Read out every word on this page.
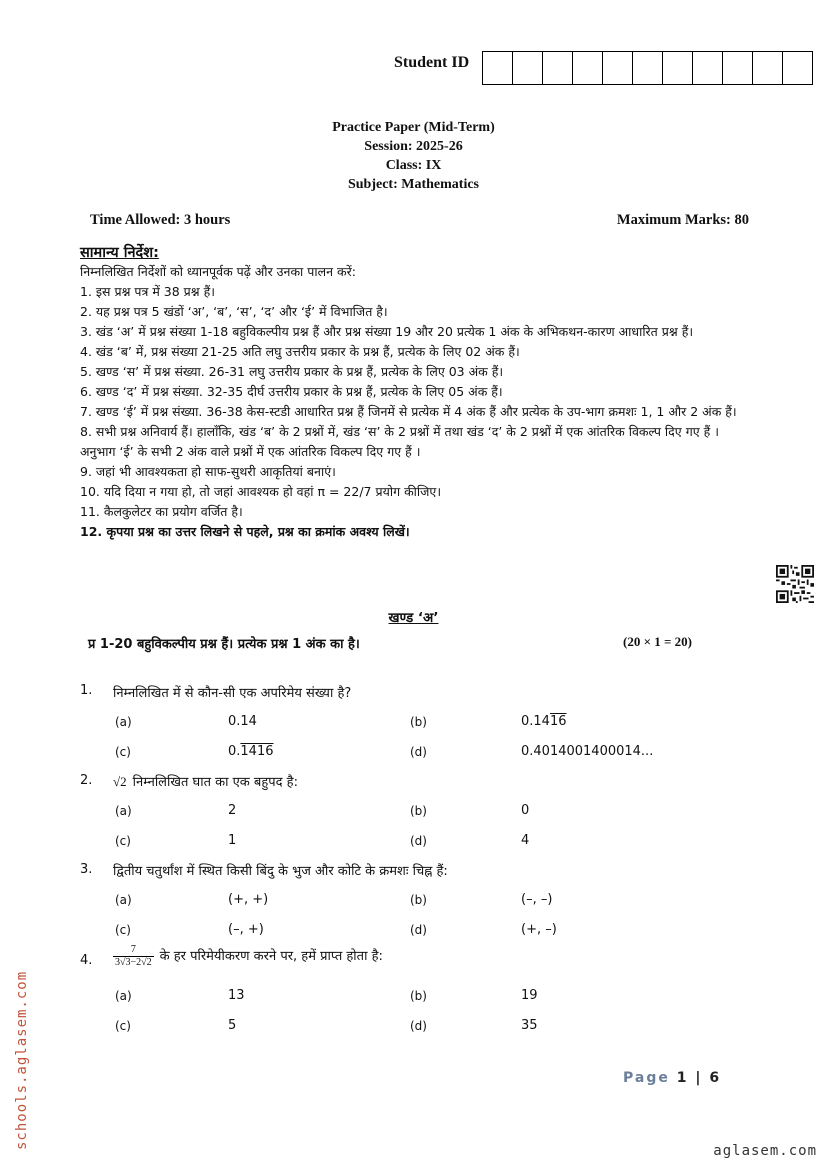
Student ID
Practice Paper (Mid-Term)
Session: 2025-26
Class: IX
Subject: Mathematics
Time Allowed: 3 hours	Maximum Marks: 80
सामान्य निर्देश:
निम्नलिखित निर्देशों को ध्यानपूर्वक पढ़ें और उनका पालन करें:
1. इस प्रश्न पत्र में 38 प्रश्न हैं।
2. यह प्रश्न पत्र 5 खंडों ‘अ’, ‘ब’, ‘स’, ‘द’ और ‘ई’ में विभाजित है।
3. खंड ‘अ’ में प्रश्न संख्या 1-18 बहुविकल्पीय प्रश्न हैं और प्रश्न संख्या 19 और 20 प्रत्येक 1 अंक के अभिकथन-कारण आधारित प्रश्न हैं।
4. खंड ‘ब’ में, प्रश्न संख्या 21-25 अति लघु उत्तरीय प्रकार के प्रश्न हैं, प्रत्येक के लिए 02 अंक हैं।
5. खण्ड ‘स’ में प्रश्न संख्या. 26-31 लघु उत्तरीय प्रकार के प्रश्न हैं, प्रत्येक के लिए 03 अंक हैं।
6. खण्ड ‘द’ में प्रश्न संख्या. 32-35 दीर्घ उत्तरीय प्रकार के प्रश्न हैं, प्रत्येक के लिए 05 अंक हैं।
7. खण्ड ‘ई’ में प्रश्न संख्या. 36-38 केस-स्टडी आधारित प्रश्न हैं जिनमें से प्रत्येक में 4 अंक हैं और प्रत्येक के उप-भाग क्रमशः 1, 1 और 2 अंक हैं।
8. सभी प्रश्न अनिवार्य हैं। हालाँकि, खंड ‘ब’ के 2 प्रश्नों में, खंड ‘स’ के 2 प्रश्नों में तथा खंड ‘द’ के 2 प्रश्नों में एक आंतरिक विकल्प दिए गए हैं । अनुभाग ‘ई’ के सभी 2 अंक वाले प्रश्नों में एक आंतरिक विकल्प दिए गए हैं ।
9. जहां भी आवश्यकता हो साफ-सुथरी आकृतियां बनाएं।
10. यदि दिया न गया हो, तो जहां आवश्यक हो वहां π = 22/7 प्रयोग कीजिए।
11. कैलकुलेटर का प्रयोग वर्जित है।
12. कृपया प्रश्न का उत्तर लिखने से पहले, प्रश्न का क्रमांक अवश्य लिखें।
खण्ड ‘अ’
प्र 1-20 बहुविकल्पीय प्रश्न हैं। प्रत्येक प्रश्न 1 अंक का है।	(20 × 1 = 20)
1. निम्नलिखित में से कौन-सी एक अपरिमेय संख्या है?
(a)	0.14	(b)	0.1416
(c)	0.1416	(d)	0.4014001400014...
2. √2 निम्नलिखित घात का एक बहुपद है:
(a)	2	(b)	0
(c)	1	(d)	4
3. द्वितीय चतुर्थांश में स्थित किसी बिंदु के भुज और कोटि के क्रमशः चिह्न हैं:
(a)	(+, +)	(b)	(–, –)
(c)	(–, +)	(d)	(+, –)
4. $\frac{7}{3√3-2√2}$ के हर परिमेयीकरण करने पर, हमें प्राप्त होता है:
(a)	13	(b)	19
(c)	5	(d)	35
Page 1 | 6
aglasem.com
schools.aglasem.com
